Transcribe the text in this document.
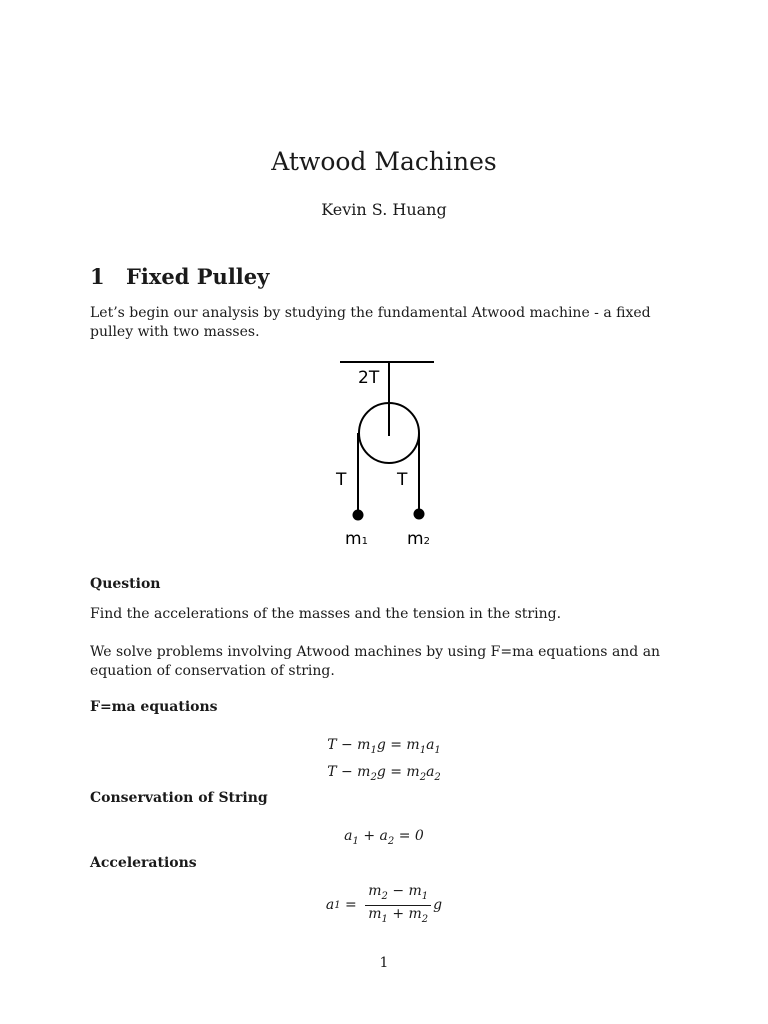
Atwood Machines
Kevin S. Huang
1 Fixed Pulley

Let’s begin our analysis by studying the fundamental Atwood machine - a fixed pulley with two masses.

2T
T	T
m1 m2
Question

Find the accelerations of the masses and the tension in the string.

We solve problems involving Atwood machines by using F=ma equations and an equation of conservation of string.

F=ma equations
$T - m_1g = m_1a_1$
$T - m_2g = m_2a_2$
Conservation of String
$a_1 + a_2 = 0$
Accelerations
a $1 = \frac{m_2 - m_1}{m_1 + m_2}$ g
1
